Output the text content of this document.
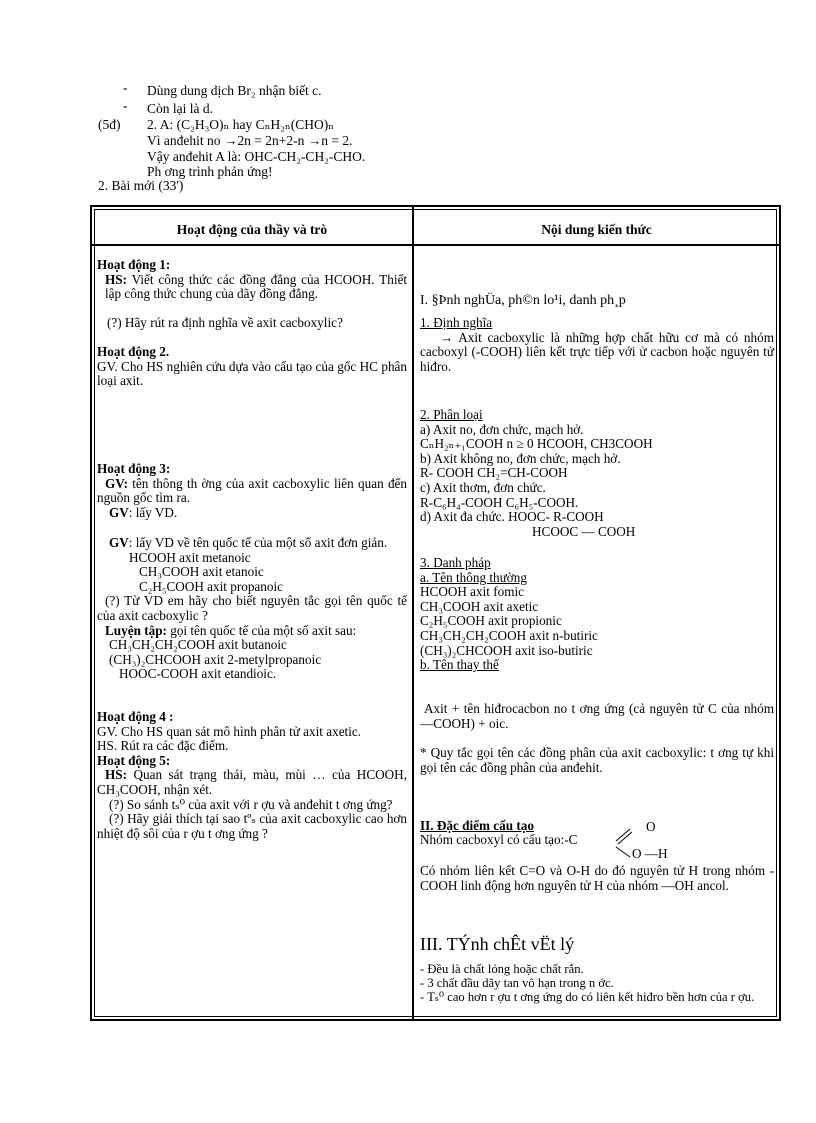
- Dùng dung dịch Br₂ nhận biết c.
- Còn lại là d.
(5đ) 2. A: (C₂H₃O)ₙ hay CₙH₂ₙ(CHO)ₙ
Vì anđehit no →2n = 2n+2-n →n = 2.
Vậy anđehit A là: OHC-CH₂-CH₂-CHO.
Ph ơng trình phản ứng!
2. Bài mới (33')
Hoạt động của thầy và trò	Nội dung kiến thức
Hoạt động 1:
HS: Viết công thức các đồng đẳng của HCOOH. Thiết lập công thức chung của dãy đồng đẳng.
(?) Hãy rút ra định nghĩa về axit cacboxylic?
Hoạt động 2.
GV. Cho HS nghiên cứu dựa vào cấu tạo của gốc HC phân loại axit.
Hoạt động 3:
GV: tên thông th ờng của axit cacboxylic liên quan đến nguồn gốc tìm ra.
GV: lấy VD.
GV: lấy VD về tên quốc tế của một số axit đơn giản.
HCOOH axit metanoic
CH₃COOH axit etanoic
C₂H₅COOH axit propanoic
(?) Từ VD em hãy cho biết nguyên tắc gọi tên quốc tế của axit cacboxylic ?
Luyện tập: gọi tên quốc tế của một số axit sau:
CH₃CH₂CH₂COOH axit butanoic
(CH₃)₂CHCOOH axit 2-metylpropanoic
HOOC-COOH axit etandioic.
Hoạt động 4 :
GV. Cho HS quan sát mô hình phân tử axit axetic.
HS. Rút ra các đặc điểm.
Hoạt động 5:
HS: Quan sát trạng thái, màu, mùi … của HCOOH, CH₃COOH, nhận xét.
(?) So sánh tₛ⁰ của axit với r ợu và anđehit t ơng ứng?
(?) Hãy giải thích tại sao tºₛ của axit cacboxylic cao hơn nhiệt độ sôi của r ợu t ơng ứng ?
I. §Þnh nghÜa, ph©n lo¹i, danh ph¸p
1. Định nghĩa
→ Axit cacboxylic là những hợp chất hữu cơ mà có nhóm cacboxyl (-COOH) liên kết trực tiếp với ử cacbon hoặc nguyên tử hiđro.
2. Phân loại
a) Axit no, đơn chức, mạch hở.
CₙH₂ₙ₊₁COOH n ≥ 0 HCOOH, CH3COOH
b) Axit không no, đơn chức, mạch hở.
R- COOH CH₂=CH-COOH
c) Axit thơm, đơn chức.
R-C₆H₄-COOH C₆H₅-COOH.
d) Axit đa chức. HOOC- R-COOH
HCOOC — COOH
3. Danh pháp
a. Tên thông thường
HCOOH axit fomic
CH₃COOH axit axetic
C₂H₅COOH axit propionic
CH₃CH₂CH₂COOH axit n-butiric
(CH₃)₂CHCOOH axit iso-butiric
b. Tên thay thế
Axit + tên hiđrocacbon no t ơng ứng (cả nguyên tử C của nhóm —COOH) + oic.
* Quy tắc gọi tên các đồng phân của axit cacboxylic: t ơng tự khi gọi tên các đồng phân của anđehit.
II. Đặc điểm cấu tạo
Nhóm cacboxyl có cấu tạo:-C
O
O —H
Có nhóm liên kết C=O và O-H do đó nguyên tử H trong nhóm -COOH linh động hơn nguyên tử H của nhóm —OH ancol.
III. TÝnh chÊt vËt lý
- Đều là chất lỏng hoặc chất rắn.
- 3 chất đầu dãy tan vô hạn trong n ớc.
- Tₛ⁰ cao hơn r ợu t ơng ứng do có liên kết hiđro bền hơn của r ợu.
